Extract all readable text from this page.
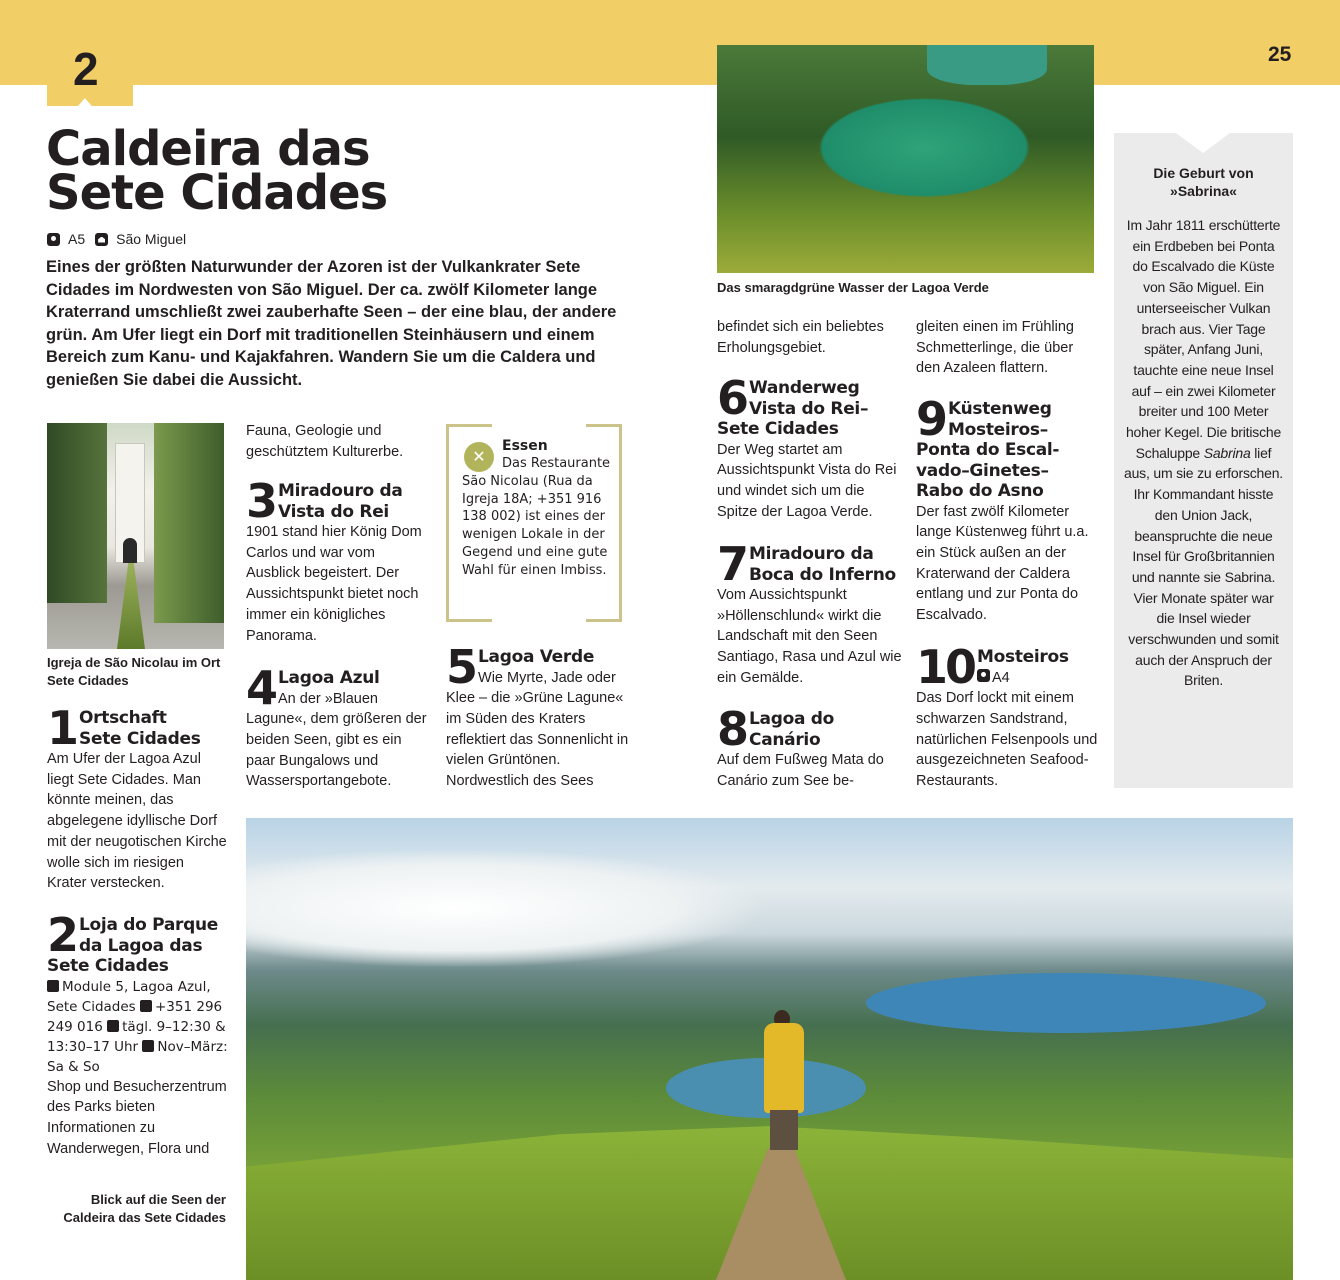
2	25
Caldeira das
Sete Cidades
A5 São Miguel
Eines der größten Naturwunder der Azoren ist der Vulkankrater Sete Cidades im Nordwesten von São Miguel. Der ca. zwölf Kilometer lange Kraterrand umschließt zwei zauberhafte Seen – der eine blau, der andere grün. Am Ufer liegt ein Dorf mit traditionellen Steinhäusern und einem Bereich zum Kanu- und Kajakfahren. Wandern Sie um die Caldera und genießen Sie dabei die Aussicht.
Igreja de São Nicolau im Ort Sete Cidades
Das smaragdgrüne Wasser der Lagoa Verde
1 Ortschaft
Sete Cidades
Am Ufer der Lagoa Azul liegt Sete Cidades. Man könnte meinen, das abgelegene idyllische Dorf mit der neugotischen Kirche wolle sich im riesigen Krater verstecken.
2 Loja do Parque
da Lagoa das
Sete Cidades
Module 5, Lagoa Azul, Sete Cidades +351 296 249 016 tägl. 9–12:30 & 13:30–17 Uhr Nov–März: Sa & So
Shop und Besucherzentrum des Parks bieten Informationen zu Wanderwegen, Flora und
Blick auf die Seen der Caldeira das Sete Cidades
Fauna, Geologie und geschütztem Kulturerbe.
3 Miradouro da
Vista do Rei
1901 stand hier König Dom Carlos und war vom Ausblick begeistert. Der Aussichtspunkt bietet noch immer ein königliches Panorama.
4 Lagoa Azul
An der »Blauen
Lagune«, dem größeren der beiden Seen, gibt es ein paar Bungalows und Wassersportangebote.
✕
Essen
Das Restaurante São Nicolau (Rua da Igreja 18A; +351 916 138 002) ist eines der wenigen Lokale in der Gegend und eine gute Wahl für einen Imbiss.
5 Lagoa Verde
Wie Myrte, Jade oder
Klee – die »Grüne Lagune« im Süden des Kraters reflektiert das Sonnenlicht in vielen Grüntönen. Nordwestlich des Sees
befindet sich ein beliebtes Erholungsgebiet.
6 Wanderweg
Vista do Rei–
Sete Cidades
Der Weg startet am Aussichtspunkt Vista do Rei und windet sich um die Spitze der Lagoa Verde.
7 Miradouro da
Boca do Inferno
Vom Aussichtspunkt »Höllenschlund« wirkt die Landschaft mit den Seen Santiago, Rasa und Azul wie ein Gemälde.
8 Lagoa do
Canário
Auf dem Fußweg Mata do Canário zum See be-
gleiten einen im Frühling Schmetterlinge, die über den Azaleen flattern.
9 Küstenweg
Mosteiros–
Ponta do Escal-
vado–Ginetes–
Rabo do Asno
Der fast zwölf Kilometer lange Küstenweg führt u.a. ein Stück außen an der Kraterwand der Caldera entlang und zur Ponta do Escalvado.
10 Mosteiros
A4
Das Dorf lockt mit einem schwarzen Sandstrand, natürlichen Felsenpools und ausgezeichneten Seafood-Restaurants.
Die Geburt von
»Sabrina«
Im Jahr 1811 erschütterte ein Erdbeben bei Ponta do Escalvado die Küste von São Miguel. Ein unterseeischer Vulkan brach aus. Vier Tage später, Anfang Juni, tauchte eine neue Insel auf – ein zwei Kilometer breiter und 100 Meter hoher Kegel. Die britische Schaluppe Sabrina lief aus, um sie zu erforschen. Ihr Kommandant hisste den Union Jack, beanspruchte die neue Insel für Großbritannien und nannte sie Sabrina. Vier Monate später war die Insel wieder verschwunden und somit auch der Anspruch der Briten.
